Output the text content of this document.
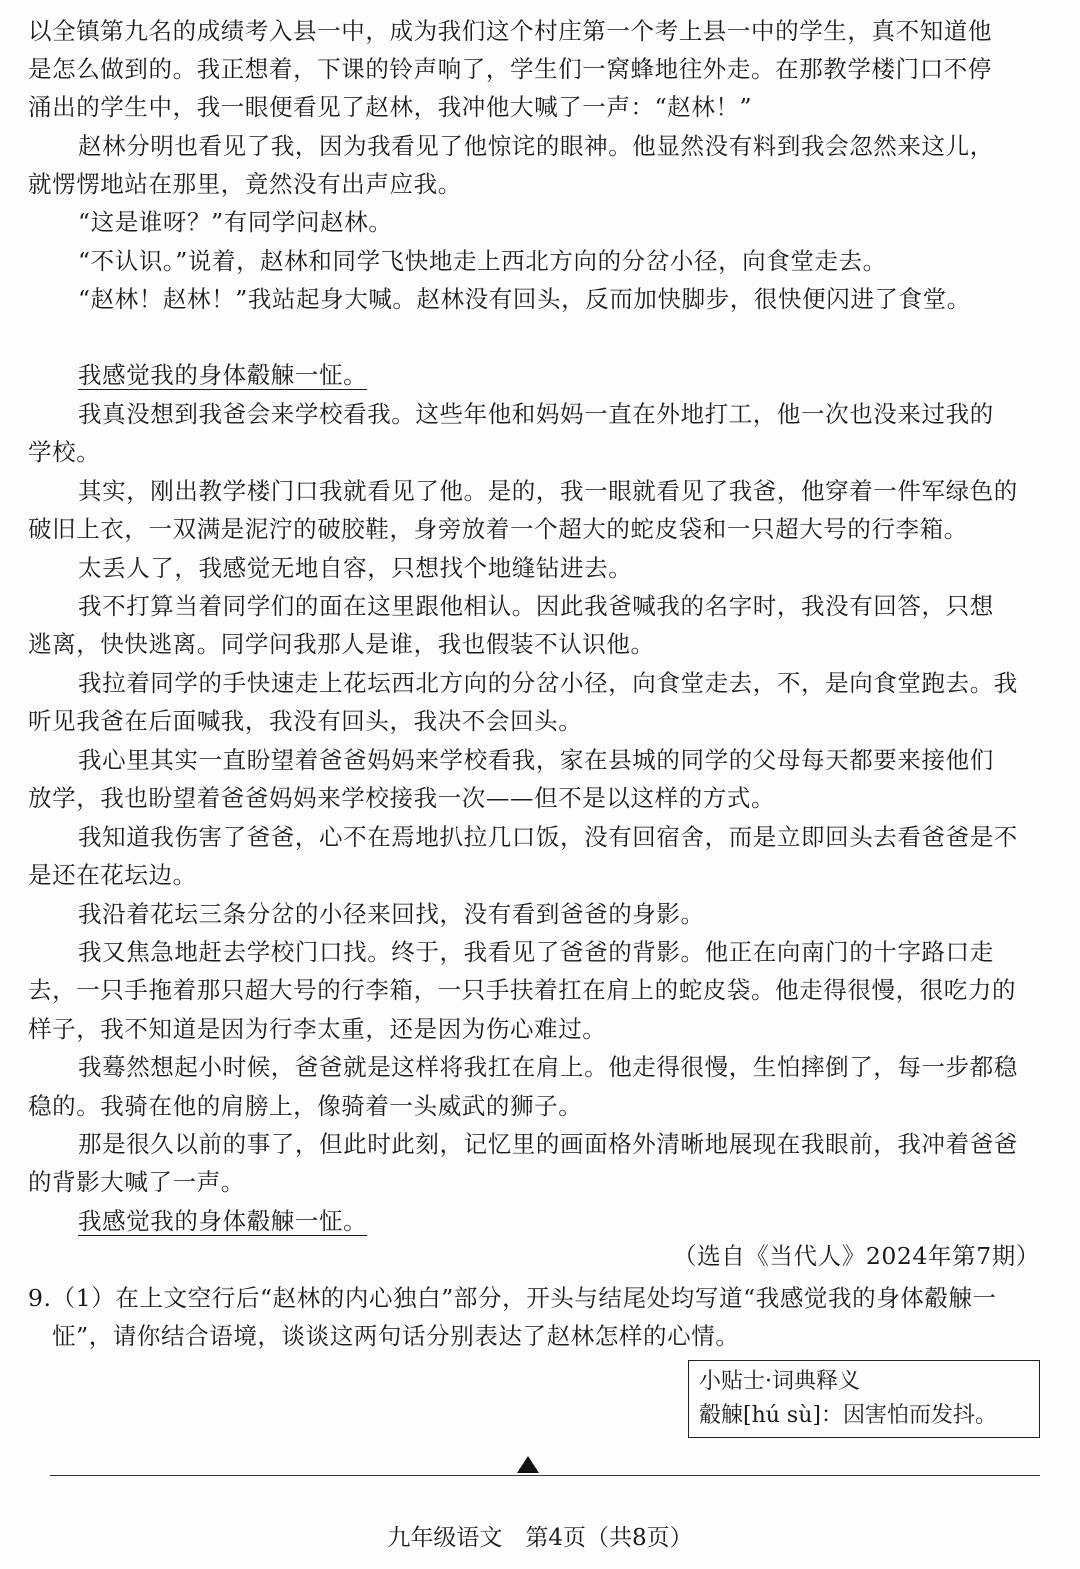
以全镇第九名的成绩考入县一中，成为我们这个村庄第一个考上县一中的学生，真不知道他
是怎么做到的。我正想着，下课的铃声响了，学生们一窝蜂地往外走。在那教学楼门口不停
涌出的学生中，我一眼便看见了赵林，我冲他大喊了一声：“赵林！”
赵林分明也看见了我，因为我看见了他惊诧的眼神。他显然没有料到我会忽然来这儿，
就愣愣地站在那里，竟然没有出声应我。
“这是谁呀？”有同学问赵林。
“不认识。”说着，赵林和同学飞快地走上西北方向的分岔小径，向食堂走去。
“赵林！赵林！”我站起身大喊。赵林没有回头，反而加快脚步，很快便闪进了食堂。
我感觉我的身体觳觫一怔。
我真没想到我爸会来学校看我。这些年他和妈妈一直在外地打工，他一次也没来过我的
学校。
其实，刚出教学楼门口我就看见了他。是的，我一眼就看见了我爸，他穿着一件军绿色的
破旧上衣，一双满是泥泞的破胶鞋，身旁放着一个超大的蛇皮袋和一只超大号的行李箱。
太丢人了，我感觉无地自容，只想找个地缝钻进去。
我不打算当着同学们的面在这里跟他相认。因此我爸喊我的名字时，我没有回答，只想
逃离，快快逃离。同学问我那人是谁，我也假装不认识他。
我拉着同学的手快速走上花坛西北方向的分岔小径，向食堂走去，不，是向食堂跑去。我
听见我爸在后面喊我，我没有回头，我决不会回头。
我心里其实一直盼望着爸爸妈妈来学校看我，家在县城的同学的父母每天都要来接他们
放学，我也盼望着爸爸妈妈来学校接我一次——但不是以这样的方式。
我知道我伤害了爸爸，心不在焉地扒拉几口饭，没有回宿舍，而是立即回头去看爸爸是不
是还在花坛边。
我沿着花坛三条分岔的小径来回找，没有看到爸爸的身影。
我又焦急地赶去学校门口找。终于，我看见了爸爸的背影。他正在向南门的十字路口走
去，一只手拖着那只超大号的行李箱，一只手扶着扛在肩上的蛇皮袋。他走得很慢，很吃力的
样子，我不知道是因为行李太重，还是因为伤心难过。
我蓦然想起小时候，爸爸就是这样将我扛在肩上。他走得很慢，生怕摔倒了，每一步都稳
稳的。我骑在他的肩膀上，像骑着一头威武的狮子。
那是很久以前的事了，但此时此刻，记忆里的画面格外清晰地展现在我眼前，我冲着爸爸
的背影大喊了一声。
我感觉我的身体觳觫一怔。
（选自《当代人》2024年第7期）
9.（1）在上文空行后“赵林的内心独白”部分，开头与结尾处均写道“我感觉我的身体觳觫一
怔”，请你结合语境，谈谈这两句话分别表达了赵林怎样的心情。
小贴士·词典释义
觳觫[hú sù]：因害怕而发抖。
九年级语文　第4页（共8页）
